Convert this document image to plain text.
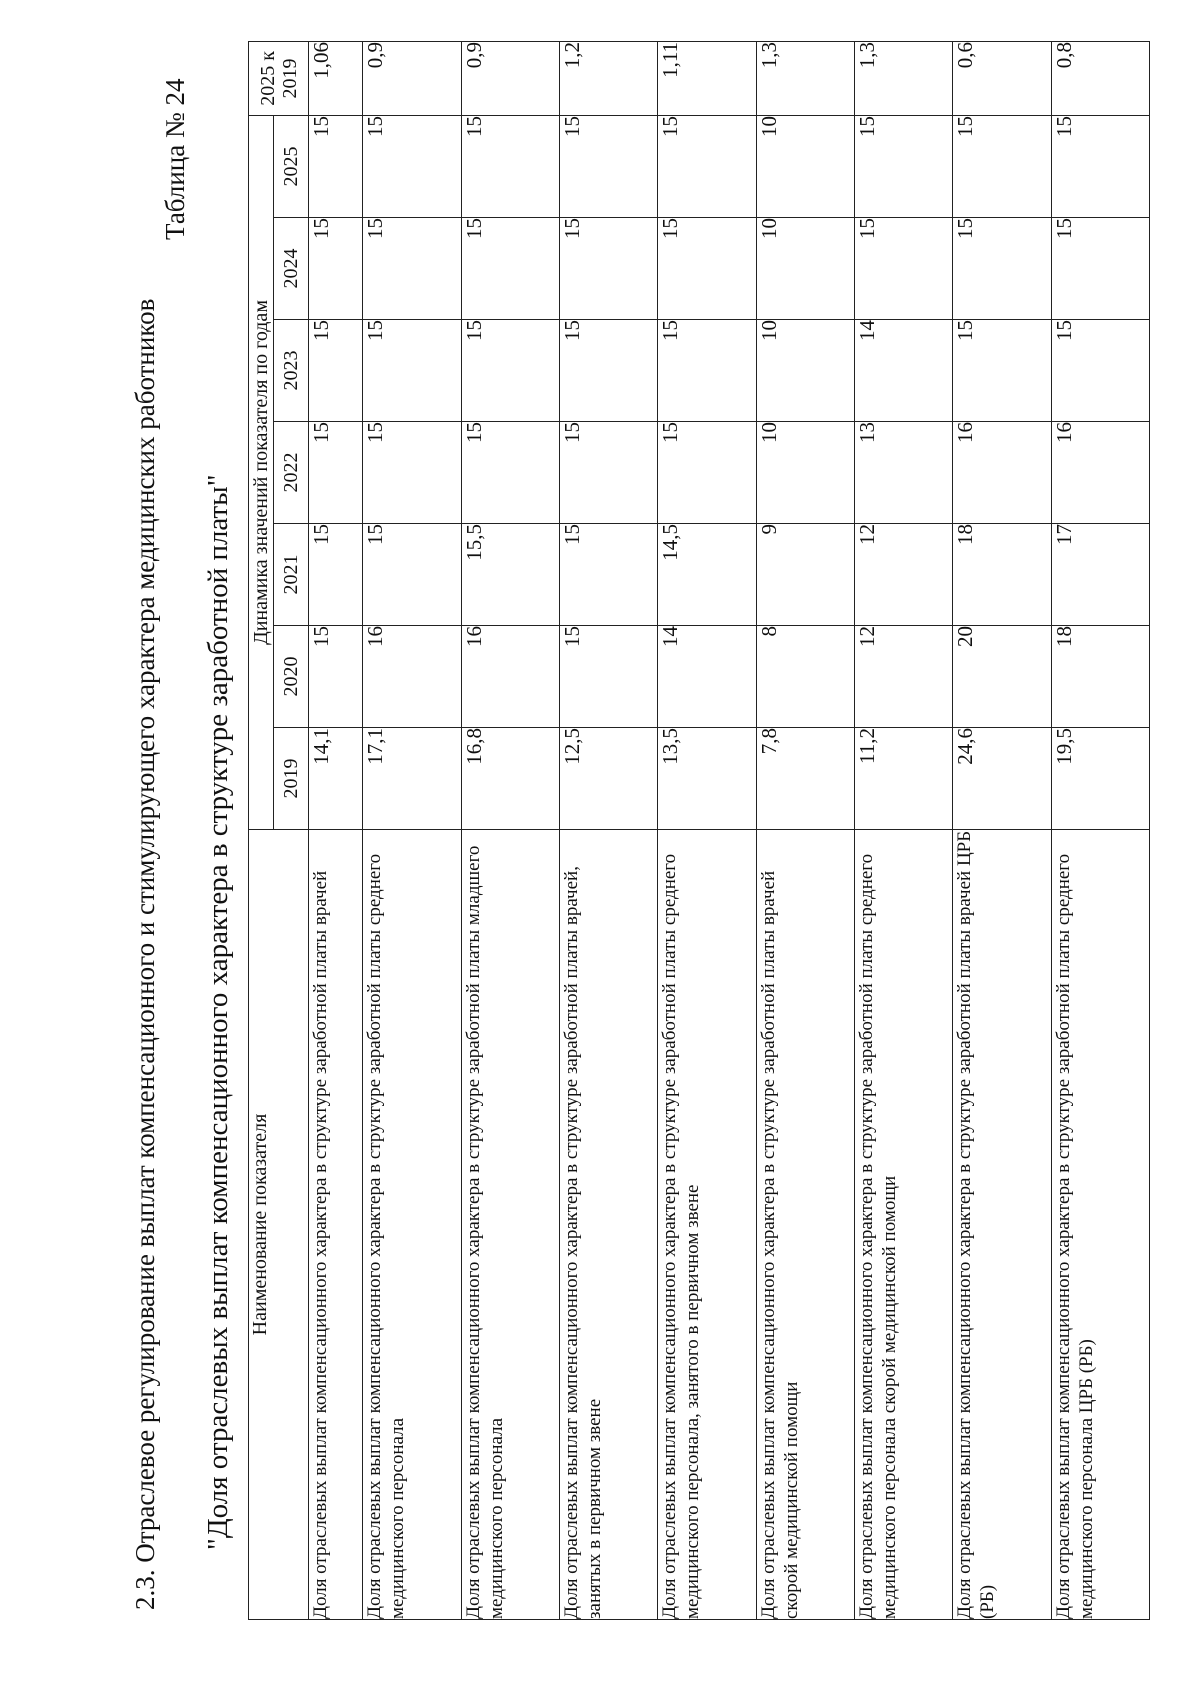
2.3. Отраслевое регулирование выплат компенсационного и стимулирующего характера медицинских работников
Таблица № 24
"Доля отраслевых выплат компенсационного характера в структуре заработной платы" Наименование показателя	Динамика значений показателя по годам							2025 к 2019

	2019	2020	2021	2022	2023	2024	2025	
Доля отраслевых выплат компенсационного характера в структуре заработной платы врачей	14,1	15	15	15	15	15	15	1,06
Доля отраслевых выплат компенсационного характера в структуре заработной платы среднего медицинского персонала	17,1	16	15	15	15	15	15	0,9
Доля отраслевых выплат компенсационного характера в структуре заработной платы младшего медицинского персонала	16,8	16	15,5	15	15	15	15	0,9
Доля отраслевых выплат компенсационного характера в структуре заработной платы врачей, занятых в первичном звене	12,5	15	15	15	15	15	15	1,2
Доля отраслевых выплат компенсационного характера в структуре заработной платы среднего медицинского персонала, занятого в первичном звене	13,5	14	14,5	15	15	15	15	1,11
Доля отраслевых выплат компенсационного характера в структуре заработной платы врачей скорой медицинской помощи	7,8	8	9	10	10	10	10	1,3
Доля отраслевых выплат компенсационного характера в структуре заработной платы среднего медицинского персонала скорой медицинской помощи	11,2	12	12	13	14	15	15	1,3
Доля отраслевых выплат компенсационного характера в структуре заработной платы врачей ЦРБ (РБ)	24,6	20	18	16	15	15	15	0,6
Доля отраслевых выплат компенсационного характера в структуре заработной платы среднего медицинского персонала ЦРБ (РБ)	19,5	18	17	16	15	15	15	0,8
